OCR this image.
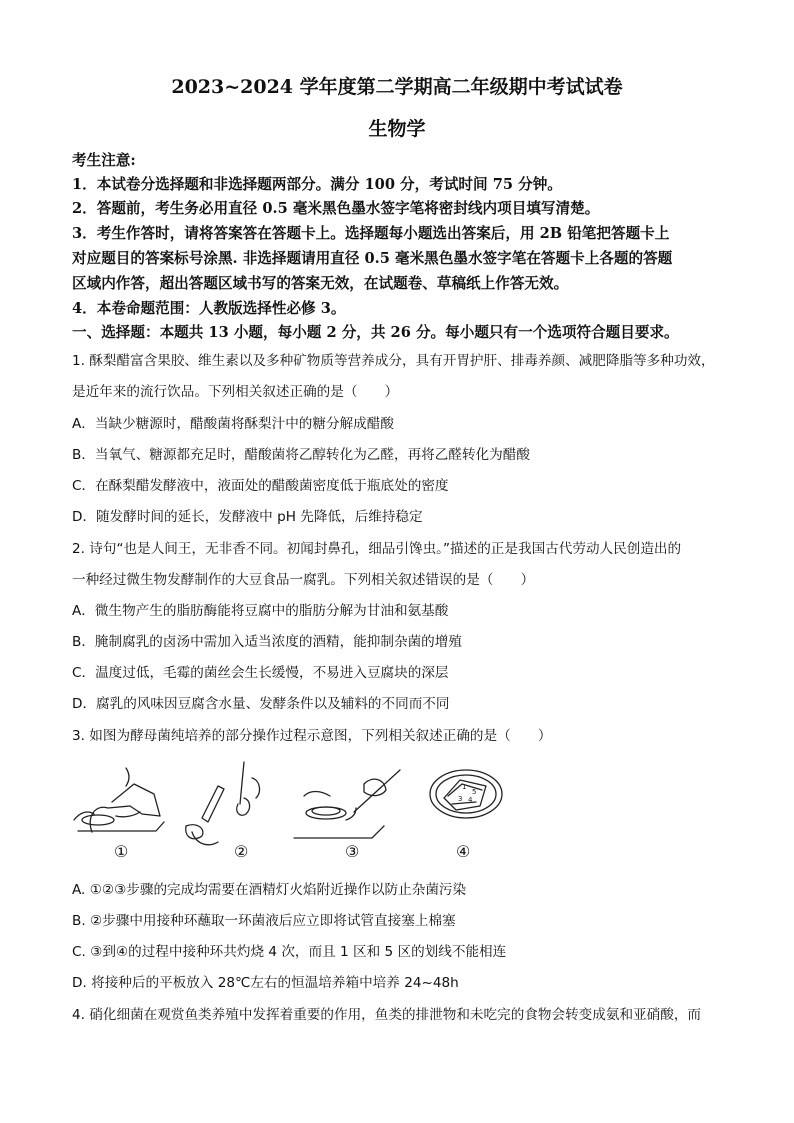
2023~2024 学年度第二学期高二年级期中考试试卷
生物学
考生注意:
1．本试卷分选择题和非选择题两部分。满分 100 分，考试时间 75 分钟。
2．答题前，考生务必用直径 0.5 毫米黑色墨水签字笔将密封线内项目填写清楚。
3．考生作答时，请将答案答在答题卡上。选择题每小题选出答案后，用 2B 铅笔把答题卡上
对应题目的答案标号涂黑. 非选择题请用直径 0.5 毫米黑色墨水签字笔在答题卡上各题的答题
区域内作答，超出答题区域书写的答案无效，在试题卷、草稿纸上作答无效。
4．本卷命题范围：人教版选择性必修 3。
一、选择题：本题共 13 小题，每小题 2 分，共 26 分。每小题只有一个选项符合题目要求。
1. 酥梨醋富含果胶、维生素以及多种矿物质等营养成分，具有开胃护肝、排毒养颜、减肥降脂等多种功效，
是近年来的流行饮品。下列相关叙述正确的是（　　）
A．当缺少糖源时，醋酸菌将酥梨汁中的糖分解成醋酸
B．当氧气、糖源都充足时，醋酸菌将乙醇转化为乙醛，再将乙醛转化为醋酸
C．在酥梨醋发酵液中，液面处的醋酸菌密度低于瓶底处的密度
D．随发酵时间的延长，发酵液中 pH 先降低，后维持稳定
2. 诗句“也是人间王，无非香不同。初闻封鼻孔，细品引馋虫。”描述的正是我国古代劳动人民创造出的
一种经过微生物发酵制作的大豆食品一腐乳。下列相关叙述错误的是（　　）
A．微生物产生的脂肪酶能将豆腐中的脂肪分解为甘油和氨基酸
B．腌制腐乳的卤汤中需加入适当浓度的酒精，能抑制杂菌的增殖
C．温度过低，毛霉的菌丝会生长缓慢，不易进入豆腐块的深层
D．腐乳的风味因豆腐含水量、发酵条件以及辅料的不同而不同
3. 如图为酵母菌纯培养的部分操作过程示意图，下列相关叙述正确的是（　　）
1
5
3 4
①	②	③	④
A. ①②③步骤的完成均需要在酒精灯火焰附近操作以防止杂菌污染
B. ②步骤中用接种环蘸取一环菌液后应立即将试管直接塞上棉塞
C. ③到④的过程中接种环共灼烧 4 次，而且 1 区和 5 区的划线不能相连
D. 将接种后的平板放入 28℃左右的恒温培养箱中培养 24~48h
4. 硝化细菌在观赏鱼类养殖中发挥着重要的作用，鱼类的排泄物和未吃完的食物会转变成氨和亚硝酸，而
